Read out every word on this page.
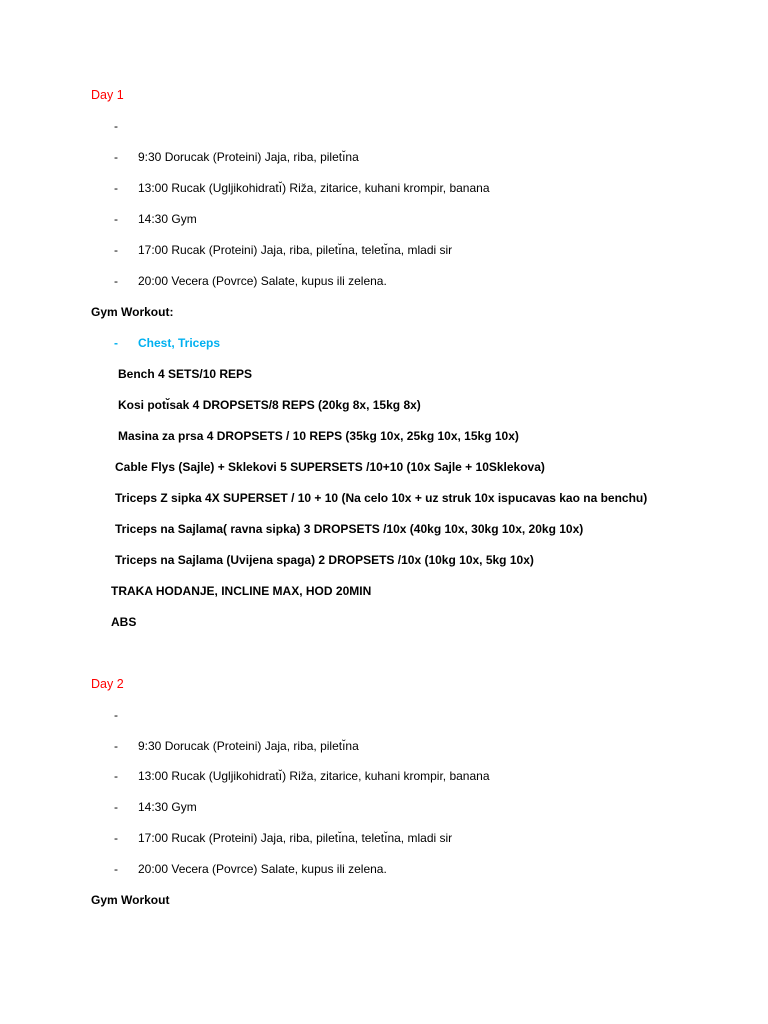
Day 1
-
- 9:30 Dorucak (Proteini) Jaja, riba, piletı̆na
- 13:00 Rucak (Ugljikohidratı̆) Riža, zitarice, kuhani krompir, banana
- 14:30 Gym
- 17:00 Rucak (Proteini) Jaja, riba, piletı̆na, teletı̆na, mladi sir
- 20:00 Vecera (Povrce) Salate, kupus ili zelena.
Gym Workout:
- Chest, Triceps
Bench 4 SETS/10 REPS
Kosi potı̆sak 4 DROPSETS/8 REPS (20kg 8x, 15kg 8x)
Masina za prsa 4 DROPSETS / 10 REPS (35kg 10x, 25kg 10x, 15kg 10x)
Cable Flys (Sajle) + Sklekovi 5 SUPERSETS /10+10 (10x Sajle + 10Sklekova)
Triceps Z sipka 4X SUPERSET / 10 + 10 (Na celo 10x + uz struk 10x ispucavas kao na benchu)
Triceps na Sajlama( ravna sipka) 3 DROPSETS /10x (40kg 10x, 30kg 10x, 20kg 10x)
Triceps na Sajlama (Uvijena spaga) 2 DROPSETS /10x (10kg 10x, 5kg 10x)
TRAKA HODANJE, INCLINE MAX, HOD 20MIN
ABS
Day 2
-
- 9:30 Dorucak (Proteini) Jaja, riba, piletı̆na
- 13:00 Rucak (Ugljikohidratı̆) Riža, zitarice, kuhani krompir, banana
- 14:30 Gym
- 17:00 Rucak (Proteini) Jaja, riba, piletı̆na, teletı̆na, mladi sir
- 20:00 Vecera (Povrce) Salate, kupus ili zelena.
Gym Workout
